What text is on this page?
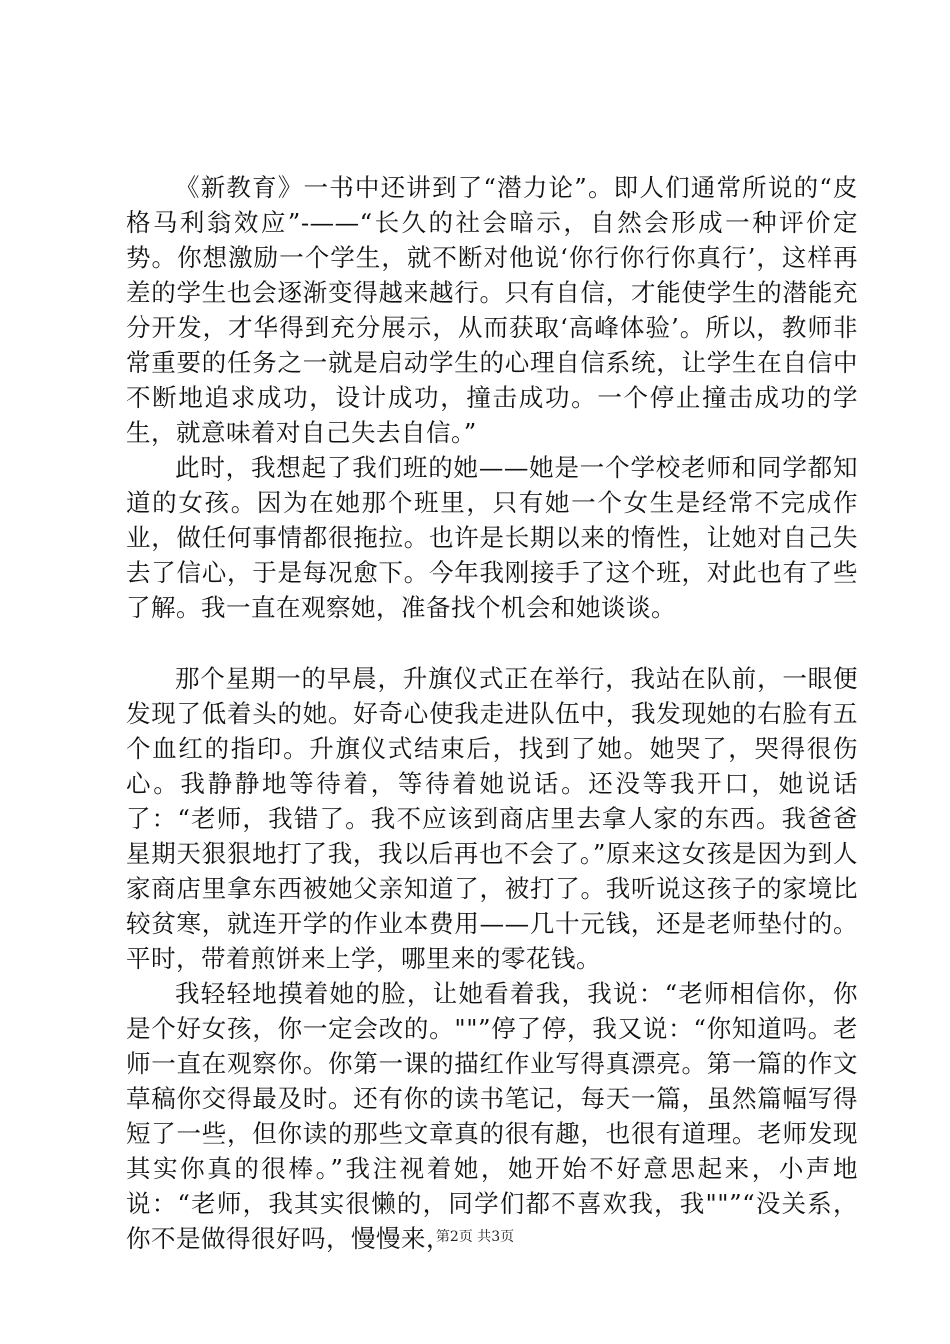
《新教育》一书中还讲到了“潜力论”。即人们通常所说的“皮格马利翁效应”-——“长久的社会暗示，自然会形成一种评价定势。你想激励一个学生，就不断对他说‘你行你行你真行’，这样再差的学生也会逐渐变得越来越行。只有自信，才能使学生的潜能充分开发，才华得到充分展示，从而获取‘高峰体验’。所以，教师非常重要的任务之一就是启动学生的心理自信系统，让学生在自信中不断地追求成功，设计成功，撞击成功。一个停止撞击成功的学生，就意味着对自己失去自信。”

此时，我想起了我们班的她——她是一个学校老师和同学都知道的女孩。因为在她那个班里，只有她一个女生是经常不完成作业，做任何事情都很拖拉。也许是长期以来的惰性，让她对自己失去了信心，于是每况愈下。今年我刚接手了这个班，对此也有了些了解。我一直在观察她，准备找个机会和她谈谈。

那个星期一的早晨，升旗仪式正在举行，我站在队前，一眼便发现了低着头的她。好奇心使我走进队伍中，我发现她的右脸有五个血红的指印。升旗仪式结束后，找到了她。她哭了，哭得很伤心。我静静地等待着，等待着她说话。还没等我开口，她说话了：“老师，我错了。我不应该到商店里去拿人家的东西。我爸爸星期天狠狠地打了我，我以后再也不会了。”原来这女孩是因为到人家商店里拿东西被她父亲知道了，被打了。我听说这孩子的家境比较贫寒，就连开学的作业本费用——几十元钱，还是老师垫付的。平时，带着煎饼来上学，哪里来的零花钱。

我轻轻地摸着她的脸，让她看着我，我说：“老师相信你，你是个好女孩，你一定会改的。""”停了停，我又说：“你知道吗。老师一直在观察你。你第一课的描红作业写得真漂亮。第一篇的作文草稿你交得最及时。还有你的读书笔记，每天一篇，虽然篇幅写得短了一些，但你读的那些文章真的很有趣，也很有道理。老师发现其实你真的很棒。”我注视着她，她开始不好意思起来，小声地说：“老师，我其实很懒的，同学们都不喜欢我，我""”“没关系，你不是做得很好吗，慢慢来，

第2页 共3页
